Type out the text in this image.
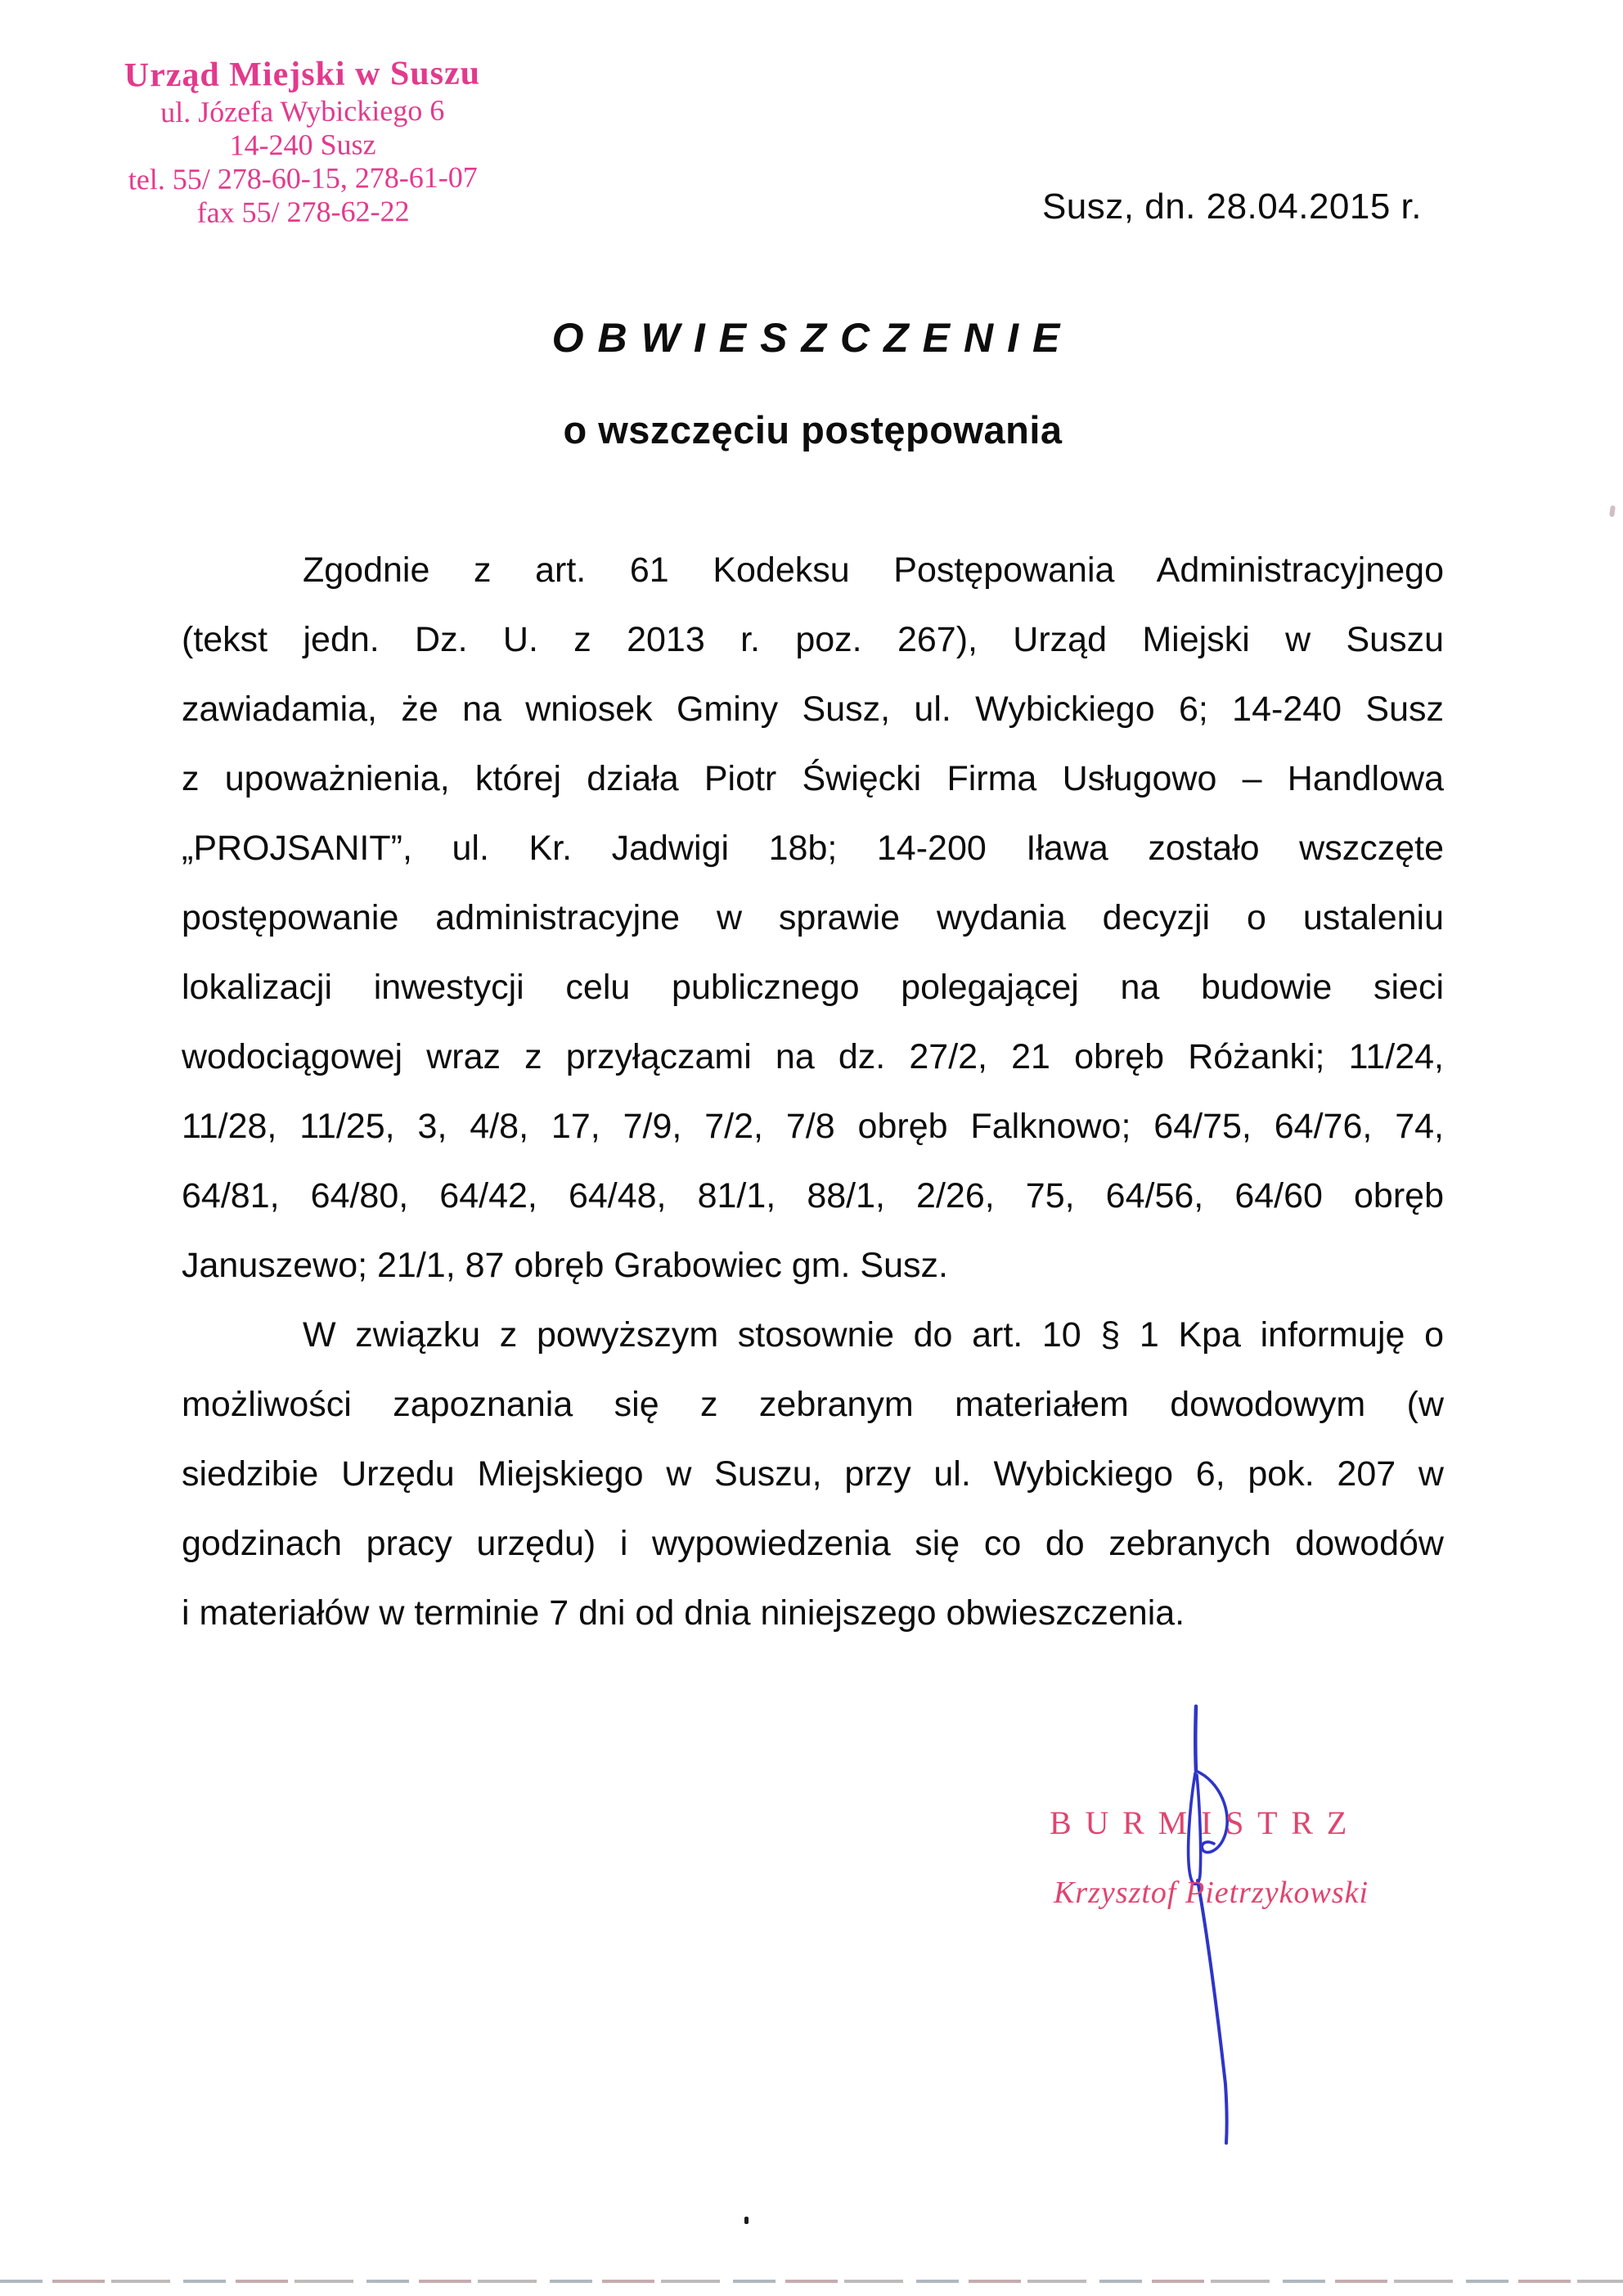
Urząd Miejski w Suszu
ul. Józefa Wybickiego 6
14-240 Susz
tel. 55/ 278-60-15, 278-61-07
fax 55/ 278-62-22	Susz, dn. 28.04.2015 r.
OBWIESZCZENIE
o wszczęciu postępowania
Zgodnie z art. 61 Kodeksu Postępowania Administracyjnego
(tekst jedn. Dz. U. z 2013 r. poz. 267), Urząd Miejski w Suszu
zawiadamia, że na wniosek Gminy Susz, ul. Wybickiego 6; 14-240 Susz
z upoważnienia, której działa Piotr Święcki Firma Usługowo – Handlowa
„PROJSANIT”, ul. Kr. Jadwigi 18b; 14-200 Iława zostało wszczęte
postępowanie administracyjne w sprawie wydania decyzji o ustaleniu
lokalizacji inwestycji celu publicznego polegającej na budowie sieci
wodociągowej wraz z przyłączami na dz. 27/2, 21 obręb Różanki; 11/24,
11/28, 11/25, 3, 4/8, 17, 7/9, 7/2, 7/8 obręb Falknowo; 64/75, 64/76, 74,
64/81, 64/80, 64/42, 64/48, 81/1, 88/1, 2/26, 75, 64/56, 64/60 obręb
Januszewo; 21/1, 87 obręb Grabowiec gm. Susz.
W związku z powyższym stosownie do art. 10 § 1 Kpa informuję o
możliwości zapoznania się z zebranym materiałem dowodowym (w
siedzibie Urzędu Miejskiego w Suszu, przy ul. Wybickiego 6, pok. 207 w
godzinach pracy urzędu) i wypowiedzenia się co do zebranych dowodów
i materiałów w terminie 7 dni od dnia niniejszego obwieszczenia.
BURMISTRZ
Krzysztof Pietrzykowski
